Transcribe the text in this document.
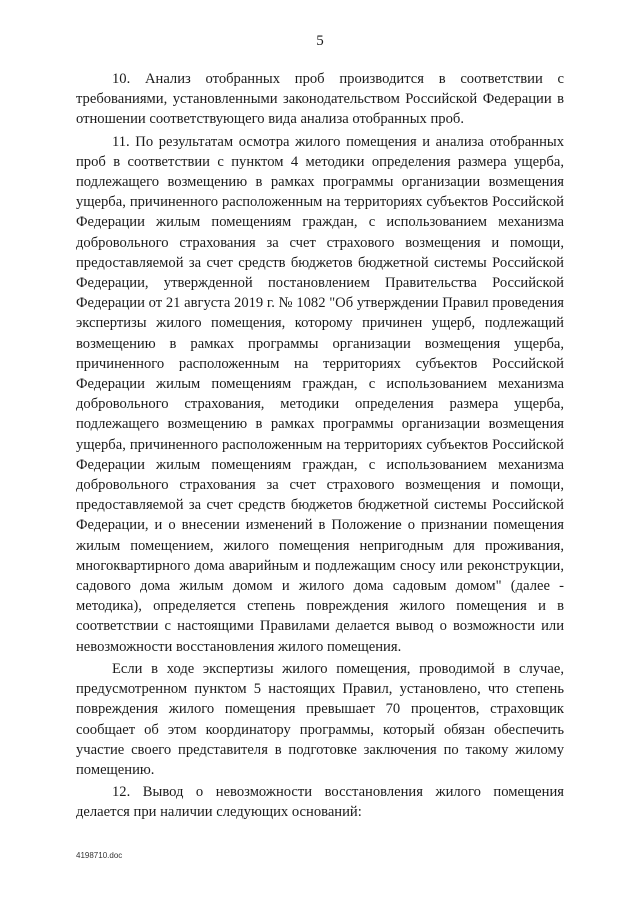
5

10. Анализ отобранных проб производится в соответствии с требованиями, установленными законодательством Российской Федерации в отношении соответствующего вида анализа отобранных проб.

11. По результатам осмотра жилого помещения и анализа отобранных проб в соответствии с пунктом 4 методики определения размера ущерба, подлежащего возмещению в рамках программы организации возмещения ущерба, причиненного расположенным на территориях субъектов Российской Федерации жилым помещениям граждан, с использованием механизма добровольного страхования за счет страхового возмещения и помощи, предоставляемой за счет средств бюджетов бюджетной системы Российской Федерации, утвержденной постановлением Правительства Российской Федерации от 21 августа 2019 г. № 1082 "Об утверждении Правил проведения экспертизы жилого помещения, которому причинен ущерб, подлежащий возмещению в рамках программы организации возмещения ущерба, причиненного расположенным на территориях субъектов Российской Федерации жилым помещениям граждан, с использованием механизма добровольного страхования, методики определения размера ущерба, подлежащего возмещению в рамках программы организации возмещения ущерба, причиненного расположенным на территориях субъектов Российской Федерации жилым помещениям граждан, с использованием механизма добровольного страхования за счет страхового возмещения и помощи, предоставляемой за счет средств бюджетов бюджетной системы Российской Федерации, и о внесении изменений в Положение о признании помещения жилым помещением, жилого помещения непригодным для проживания, многоквартирного дома аварийным и подлежащим сносу или реконструкции, садового дома жилым домом и жилого дома садовым домом" (далее - методика), определяется степень повреждения жилого помещения и в соответствии с настоящими Правилами делается вывод о возможности или невозможности восстановления жилого помещения.

Если в ходе экспертизы жилого помещения, проводимой в случае, предусмотренном пунктом 5 настоящих Правил, установлено, что степень повреждения жилого помещения превышает 70 процентов, страховщик сообщает об этом координатору программы, который обязан обеспечить участие своего представителя в подготовке заключения по такому жилому помещению.

12. Вывод о невозможности восстановления жилого помещения делается при наличии следующих оснований:

4198710.doc
